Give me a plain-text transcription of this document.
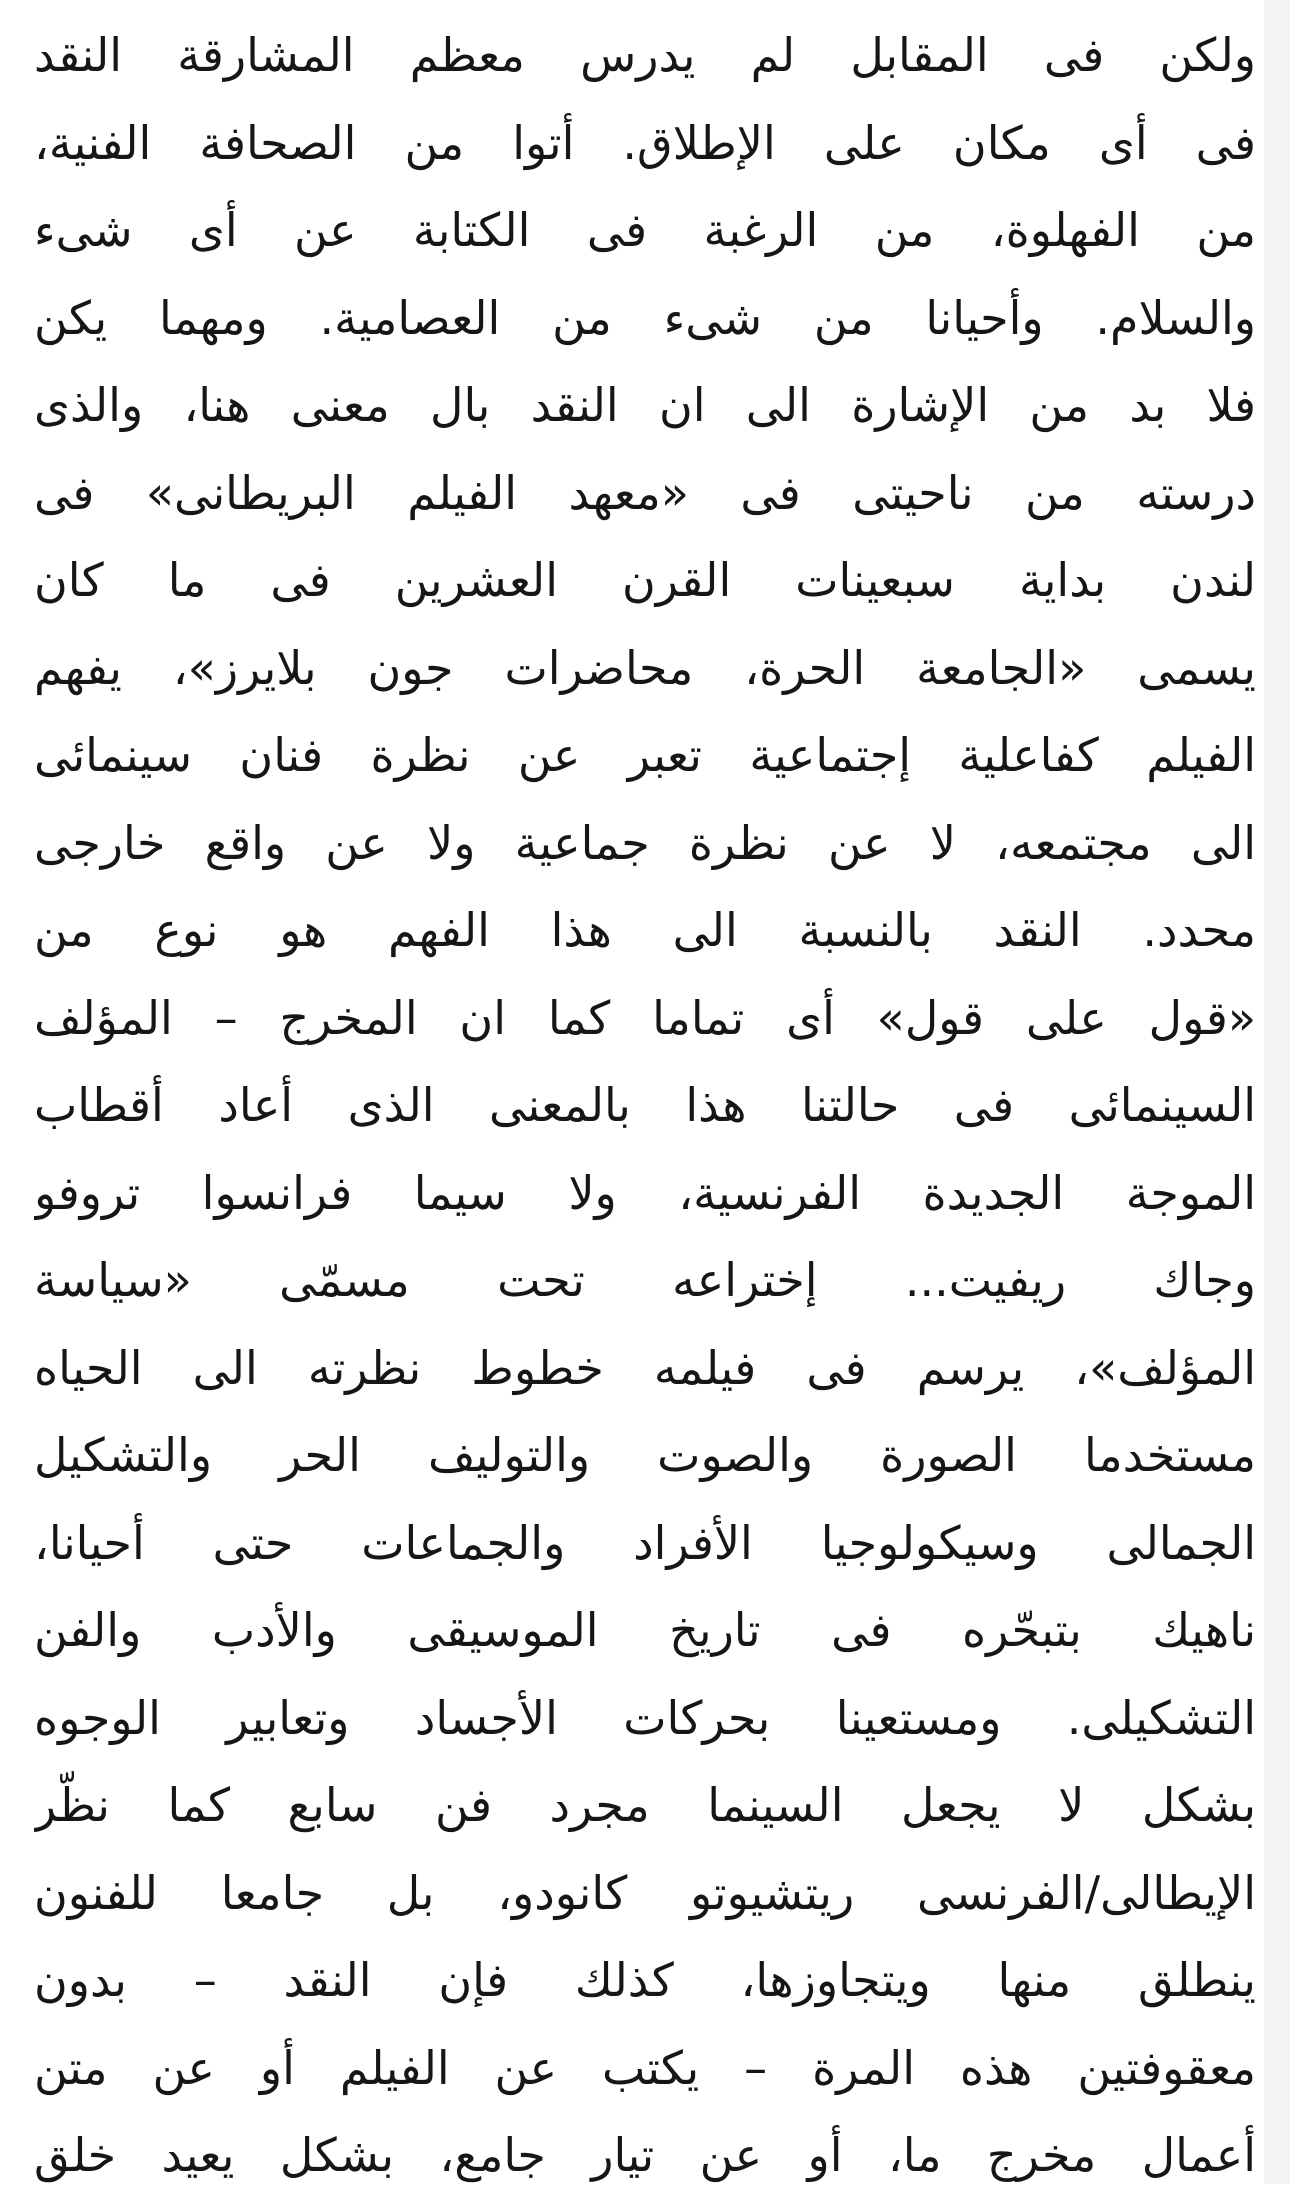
ولكن فى المقابل لم يدرس معظم المشارقة النقد
فى أى مكان على الإطلاق. أتوا من الصحافة الفنية،
من الفهلوة، من الرغبة فى الكتابة عن أى شىء
والسلام. وأحيانا من شىء من العصامية. ومهما يكن
فلا بد من الإشارة الى ان النقد بال معنى هنا، والذى
درسته من ناحيتى فى «معهد الفيلم البريطانى» فى
لندن بداية سبعينات القرن العشرين فى ما كان
يسمى «الجامعة الحرة، محاضرات جون بلايرز»، يفهم
الفيلم كفاعلية إجتماعية تعبر عن نظرة فنان سينمائى
الى مجتمعه، لا عن نظرة جماعية ولا عن واقع خارجى
محدد. النقد بالنسبة الى هذا الفهم هو نوع من
«قول على قول» أى تماما كما ان المخرج – المؤلف
السينمائى فى حالتنا هذا بالمعنى الذى أعاد أقطاب
الموجة الجديدة الفرنسية، ولا سيما فرانسوا تروفو
وجاك ريفيت... إختراعه تحت مسمّى «سياسة
المؤلف»، يرسم فى فيلمه خطوط نظرته الى الحياه
مستخدما الصورة والصوت والتوليف الحر والتشكيل
الجمالى وسيكولوجيا الأفراد والجماعات حتى أحيانا،
ناهيك بتبحّره فى تاريخ الموسيقى والأدب والفن
التشكيلى. ومستعينا بحركات الأجساد وتعابير الوجوه
بشكل لا يجعل السينما مجرد فن سابع كما نظّر
الإيطالى/الفرنسى ريتشيوتو كانودو، بل جامعا للفنون
ينطلق منها ويتجاوزها، كذلك فإن النقد – بدون
معقوفتين هذه المرة – يكتب عن الفيلم أو عن متن
أعمال مخرج ما، أو عن تيار جامع، بشكل يعيد خلق
